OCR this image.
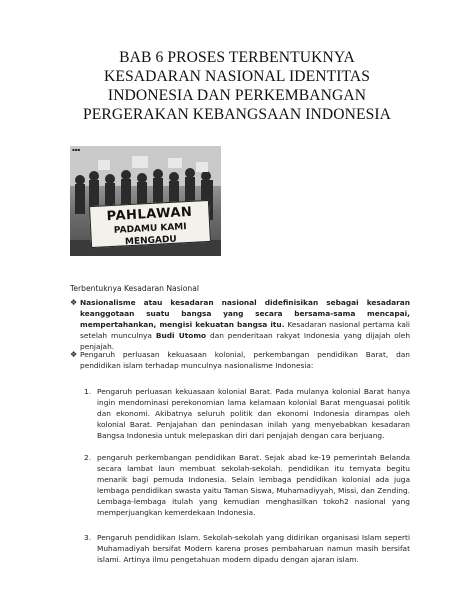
BAB 6 PROSES TERBENTUKNYA
KESADARAN NASIONAL IDENTITAS
INDONESIA DAN PERKEMBANGAN
PERGERAKAN KEBANGSAAN INDONESIA
▪▪▪
PAHLAWAN
PADAMU KAMI MENGADU
Terbentuknya Kesadaran Nasional
❖ Nasionalisme atau kesadaran nasional didefinisikan sebagai kesadaran keanggotaan suatu bangsa yang secara bersama-sama mencapai, mempertahankan, mengisi kekuatan bangsa itu. Kesadaran nasional pertama kali setelah munculnya Budi Utomo dan penderitaan rakyat Indonesia yang dijajah oleh penjajah.
❖ Pengaruh perluasan kekuasaan kolonial, perkembangan pendidikan Barat, dan pendidikan islam terhadap munculnya nasionalisme Indonesia:
1. Pengaruh perluasan kekuasaan kolonial Barat. Pada mulanya kolonial Barat hanya ingin mendominasi perekonomian lama kelamaan kolonial Barat menguasai politik dan ekonomi. Akibatnya seluruh politik dan ekonomi Indonesia dirampas oleh kolonial Barat. Penjajahan dan penindasan inilah yang menyebabkan kesadaran Bangsa Indonesia untuk melepaskan diri dari penjajah dengan cara berjuang.
2. pengaruh perkembangan pendidikan Barat. Sejak abad ke-19 pemerintah Belanda secara lambat laun membuat sekolah-sekolah. pendidikan itu ternyata begitu menarik bagi pemuda Indonesia. Selain lembaga pendidikan kolonial ada juga lembaga pendidikan swasta yaitu Taman Siswa, Muhamadiyyah, Missi, dan Zending. Lembaga-lembaga itulah yang kemudian menghasilkan tokoh2 nasional yang memperjuangkan kemerdekaan Indonesia.
3. Pengaruh pendidikan Islam. Sekolah-sekolah yang didirikan organisasi Islam seperti Muhamadiyah bersifat Modern karena proses pembaharuan namun masih bersifat islami. Artinya ilmu pengetahuan modern dipadu dengan ajaran islam.
